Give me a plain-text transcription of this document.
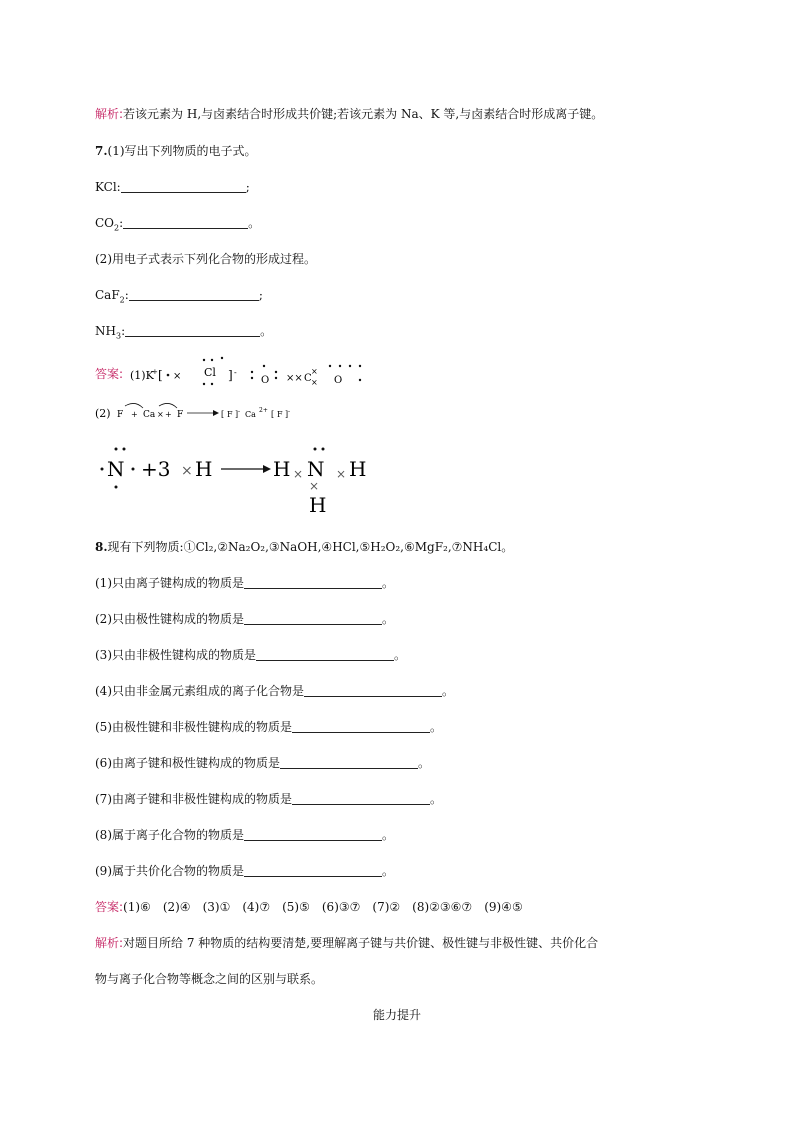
解析:若该元素为 H,与卤素结合时形成共价键;若该元素为 Na、K 等,与卤素结合时形成离子键。
7.(1)写出下列物质的电子式。
KCl:	;
$CO_2$:	。
(2)用电子式表示下列化合物的形成过程。
CaF$_2$:	;
$NH_3$:	。
答案: (1)K
+ [ × Cl ] -
O ×× C
×
× O
(2) F + Ca × + F	[ F ] - Ca 2+ [ F ] -
N +3 × H	H × N ×
×
H
H
8.现有下列物质:①Cl₂,②Na₂O₂,③NaOH,④HCl,⑤H₂O₂,⑥MgF₂,⑦NH₄Cl。
(1)只由离子键构成的物质是	。
(2)只由极性键构成的物质是	。
(3)只由非极性键构成的物质是	。
(4)只由非金属元素组成的离子化合物是	。
(5)由极性键和非极性键构成的物质是	。
(6)由离子键和极性键构成的物质是	。
(7)由离子键和非极性键构成的物质是	。
(8)属于离子化合物的物质是	。
(9)属于共价化合物的物质是	。
答案:(1)⑥ (2)④ (3)① (4)⑦ (5)⑤ (6)③⑦ (7)② (8)②③⑥⑦ (9)④⑤
解析:对题目所给 7 种物质的结构要清楚,要理解离子键与共价键、极性键与非极性键、共价化合
物与离子化合物等概念之间的区别与联系。
能力提升
